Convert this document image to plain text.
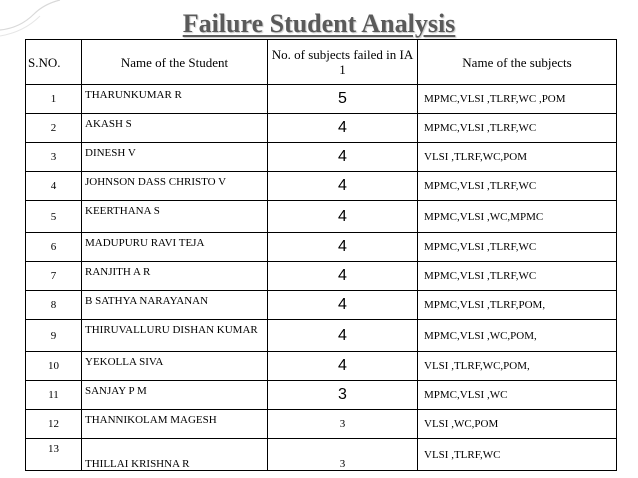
Failure Student Analysis
S.NO.	Name of the Student	No. of subjects failed in IA 1	Name of the subjects
1	THARUNKUMAR R	5	MPMC,VLSI ,TLRF,WC ,POM
2	AKASH S	4	MPMC,VLSI ,TLRF,WC
3	DINESH V	4	VLSI ,TLRF,WC,POM
4	JOHNSON DASS CHRISTO V	4	MPMC,VLSI ,TLRF,WC
5	KEERTHANA S	4	MPMC,VLSI ,WC,MPMC
6	MADUPURU RAVI TEJA	4	MPMC,VLSI ,TLRF,WC
7	RANJITH A R	4	MPMC,VLSI ,TLRF,WC
8	B SATHYA NARAYANAN	4	MPMC,VLSI ,TLRF,POM,
9	THIRUVALLURU DISHAN KUMAR	4	MPMC,VLSI ,WC,POM,
10	YEKOLLA SIVA	4	VLSI ,TLRF,WC,POM,
11	SANJAY P M	3	MPMC,VLSI ,WC
12	THANNIKOLAM MAGESH	3	VLSI ,WC,POM
13	THILLAI KRISHNA R	3	VLSI ,TLRF,WC
